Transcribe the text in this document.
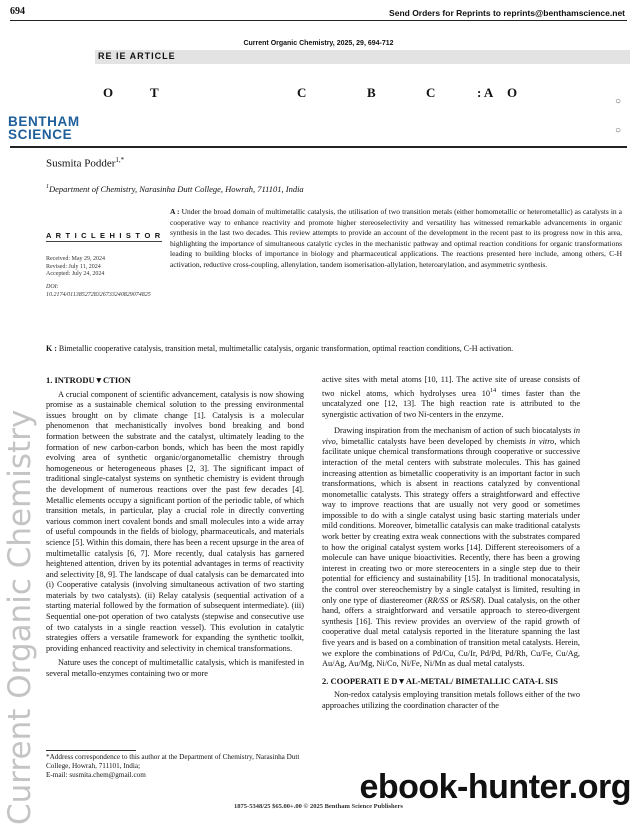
694	Send Orders for Reprints to reprints@benthamscience.net
Current Organic Chemistry, 2025, 29, 694-712
RE IE ARTICLE
O	T	C	B	C	: A O
○
○
BENTHAM
SCIENCE
Susmita Podder$^{1,*}$
$^1$Department of Chemistry, Narasinha Dutt College, Howrah, 711101, India
A R T I C L E H I S T O R
Received: May 29, 2024
Revised: July 11, 2024
Accepted: July 24, 2024
DOI:
10.2174/0113852728326733240829074825
A : Under the broad domain of multimetallic catalysis, the utilisation of two transition metals (either homometallic or heterometallic) as catalysts in a cooperative way to enhance reactivity and promote higher stereoselectivity and versatility has witnessed remarkable advancements in organic synthesis in the last two decades. This review attempts to provide an account of the development in the recent past to its progress now in this area, highlighting the importance of simultaneous catalytic cycles in the mechanistic pathway and optimal reaction conditions for organic transformations leading to building blocks of importance in biology and pharmaceutical applications. The reactions presented here include, among others, C-H activation, reductive cross-coupling, allenylation, tandem isomerisation-allylation, heteroarylation, and asymmetric synthesis.
K : Bimetallic cooperative catalysis, transition metal, multimetallic catalysis, organic transformation, optimal reaction conditions, C-H activation.
1. INTRODU▼CTION

A crucial component of scientific advancement, catalysis is now showing promise as a sustainable chemical solution to the pressing environmental issues brought on by climate change [1]. Catalysis is a molecular phenomenon that mechanistically involves bond breaking and bond formation between the substrate and the catalyst, ultimately leading to the formation of new carbon-carbon bonds, which has been the most rapidly evolving area of synthetic organic/organometallic chemistry through homogeneous or heterogeneous phases [2, 3]. The significant impact of traditional single-catalyst systems on synthetic chemistry is evident through the development of numerous reactions over the past few decades [4]. Metallic elements occupy a significant portion of the periodic table, of which transition metals, in particular, play a crucial role in directly converting various common inert covalent bonds and small molecules into a wide array of useful compounds in the fields of biology, pharmaceuticals, and materials science [5]. Within this domain, there has been a recent upsurge in the area of multimetallic catalysis [6, 7]. More recently, dual catalysis has garnered heightened attention, driven by its potential advantages in terms of reactivity and selectivity [8, 9]. The landscape of dual catalysis can be demarcated into (i) Cooperative catalysis (involving simultaneous activation of two starting materials by two catalysts). (ii) Relay catalysis (sequential activation of a starting material followed by the formation of subsequent intermediate). (iii) Sequential one-pot operation of two catalysts (stepwise and consecutive use of two catalysts in a single reaction vessel). This evolution in catalytic strategies offers a versatile framework for expanding the synthetic toolkit, providing enhanced reactivity and selectivity in chemical transformations.

Nature uses the concept of multimetallic catalysis, which is manifested in several metallo-enzymes containing two or more

active sites with metal atoms [10, 11]. The active site of urease consists of two nickel atoms, which hydrolyses urea $10^{14}$ times faster than the uncatalyzed one [12, 13]. The high reaction rate is attributed to the synergistic activation of two Ni-centers in the enzyme.

Drawing inspiration from the mechanism of action of such biocatalysts in vivo, bimetallic catalysts have been developed by chemists in vitro, which facilitate unique chemical transformations through cooperative or successive interaction of the metal centers with substrate molecules. This has gained increasing attention as bimetallic cooperativity is an important factor in such transformations, which is absent in reactions catalyzed by conventional monometallic catalysts. This strategy offers a straightforward and effective way to improve reactions that are usually not very good or sometimes impossible to do with a single catalyst using basic starting materials under mild conditions. Moreover, bimetallic catalysis can make traditional catalysts work better by creating extra weak connections with the substrates compared to how the original catalyst system works [14]. Different stereoisomers of a molecule can have unique bioactivities. Recently, there has been a growing interest in creating two or more stereocenters in a single step due to their potential for efficiency and sustainability [15]. In traditional monocatalysis, the control over stereochemistry by a single catalyst is limited, resulting in only one type of diastereomer (RR/SS or RS/SR). Dual catalysis, on the other hand, offers a straightforward and versatile approach to stereo-divergent synthesis [16]. This review provides an overview of the rapid growth of cooperative dual metal catalysis reported in the literature spanning the last five years and is based on a combination of transition metal catalysts. Herein, we explore the combinations of Pd/Cu, Cu/Ir, Pd/Pd, Pd/Rh, Cu/Fe, Cu/Ag, Au/Ag, Au/Mg, Ni/Co, Ni/Fe, Ni/Mn as dual metal catalysts.

2. COOPERATI E D▼AL-METAL/ BIMETALLIC CATA-L SIS

Non-redox catalysis employing transition metals follows either of the two approaches utilizing the coordination character of the

*Address correspondence to this author at the Department of Chemistry, Narasinha Dutt College, Howrah, 711101, India;
E-mail: susmita.chem@gmail.com
1875-5348/25 $65.00+.00 © 2025 Bentham Science Publishers
Current Organic Chemistry	ebook-hunter.org
